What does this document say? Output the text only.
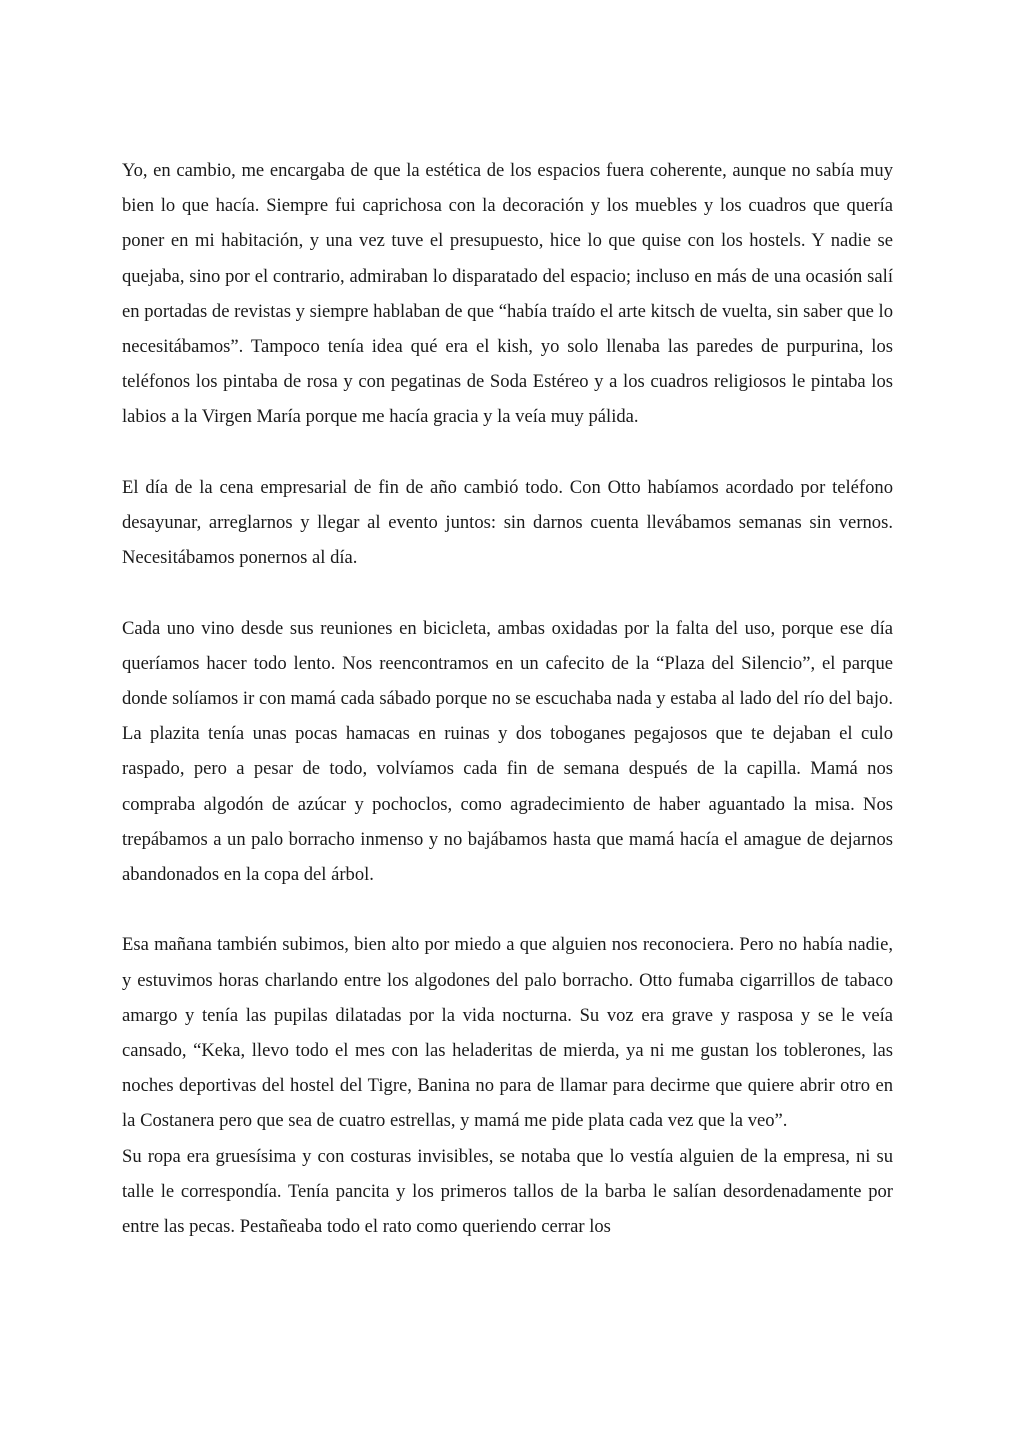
Yo, en cambio, me encargaba de que la estética de los espacios fuera coherente, aunque no sabía muy bien lo que hacía. Siempre fui caprichosa con la decoración y los muebles y los cuadros que quería poner en mi habitación, y una vez tuve el presupuesto, hice lo que quise con los hostels. Y nadie se quejaba, sino por el contrario, admiraban lo disparatado del espacio; incluso en más de una ocasión salí en portadas de revistas y siempre hablaban de que “había traído el arte kitsch de vuelta, sin saber que lo necesitábamos”. Tampoco tenía idea qué era el kish, yo solo llenaba las paredes de purpurina, los teléfonos los pintaba de rosa y con pegatinas de Soda Estéreo y a los cuadros religiosos le pintaba los labios a la Virgen María porque me hacía gracia y la veía muy pálida.

El día de la cena empresarial de fin de año cambió todo. Con Otto habíamos acordado por teléfono desayunar, arreglarnos y llegar al evento juntos: sin darnos cuenta llevábamos semanas sin vernos. Necesitábamos ponernos al día.

Cada uno vino desde sus reuniones en bicicleta, ambas oxidadas por la falta del uso, porque ese día queríamos hacer todo lento. Nos reencontramos en un cafecito de la “Plaza del Silencio”, el parque donde solíamos ir con mamá cada sábado porque no se escuchaba nada y estaba al lado del río del bajo. La plazita tenía unas pocas hamacas en ruinas y dos toboganes pegajosos que te dejaban el culo raspado, pero a pesar de todo, volvíamos cada fin de semana después de la capilla. Mamá nos compraba algodón de azúcar y pochoclos, como agradecimiento de haber aguantado la misa. Nos trepábamos a un palo borracho inmenso y no bajábamos hasta que mamá hacía el amague de dejarnos abandonados en la copa del árbol.

Esa mañana también subimos, bien alto por miedo a que alguien nos reconociera. Pero no había nadie, y estuvimos horas charlando entre los algodones del palo borracho. Otto fumaba cigarrillos de tabaco amargo y tenía las pupilas dilatadas por la vida nocturna. Su voz era grave y rasposa y se le veía cansado, “Keka, llevo todo el mes con las heladeritas de mierda, ya ni me gustan los toblerones, las noches deportivas del hostel del Tigre, Banina no para de llamar para decirme que quiere abrir otro en la Costanera pero que sea de cuatro estrellas, y mamá me pide plata cada vez que la veo”.

Su ropa era gruesísima y con costuras invisibles, se notaba que lo vestía alguien de la empresa, ni su talle le correspondía. Tenía pancita y los primeros tallos de la barba le salían desordenadamente por entre las pecas. Pestañeaba todo el rato como queriendo cerrar los
